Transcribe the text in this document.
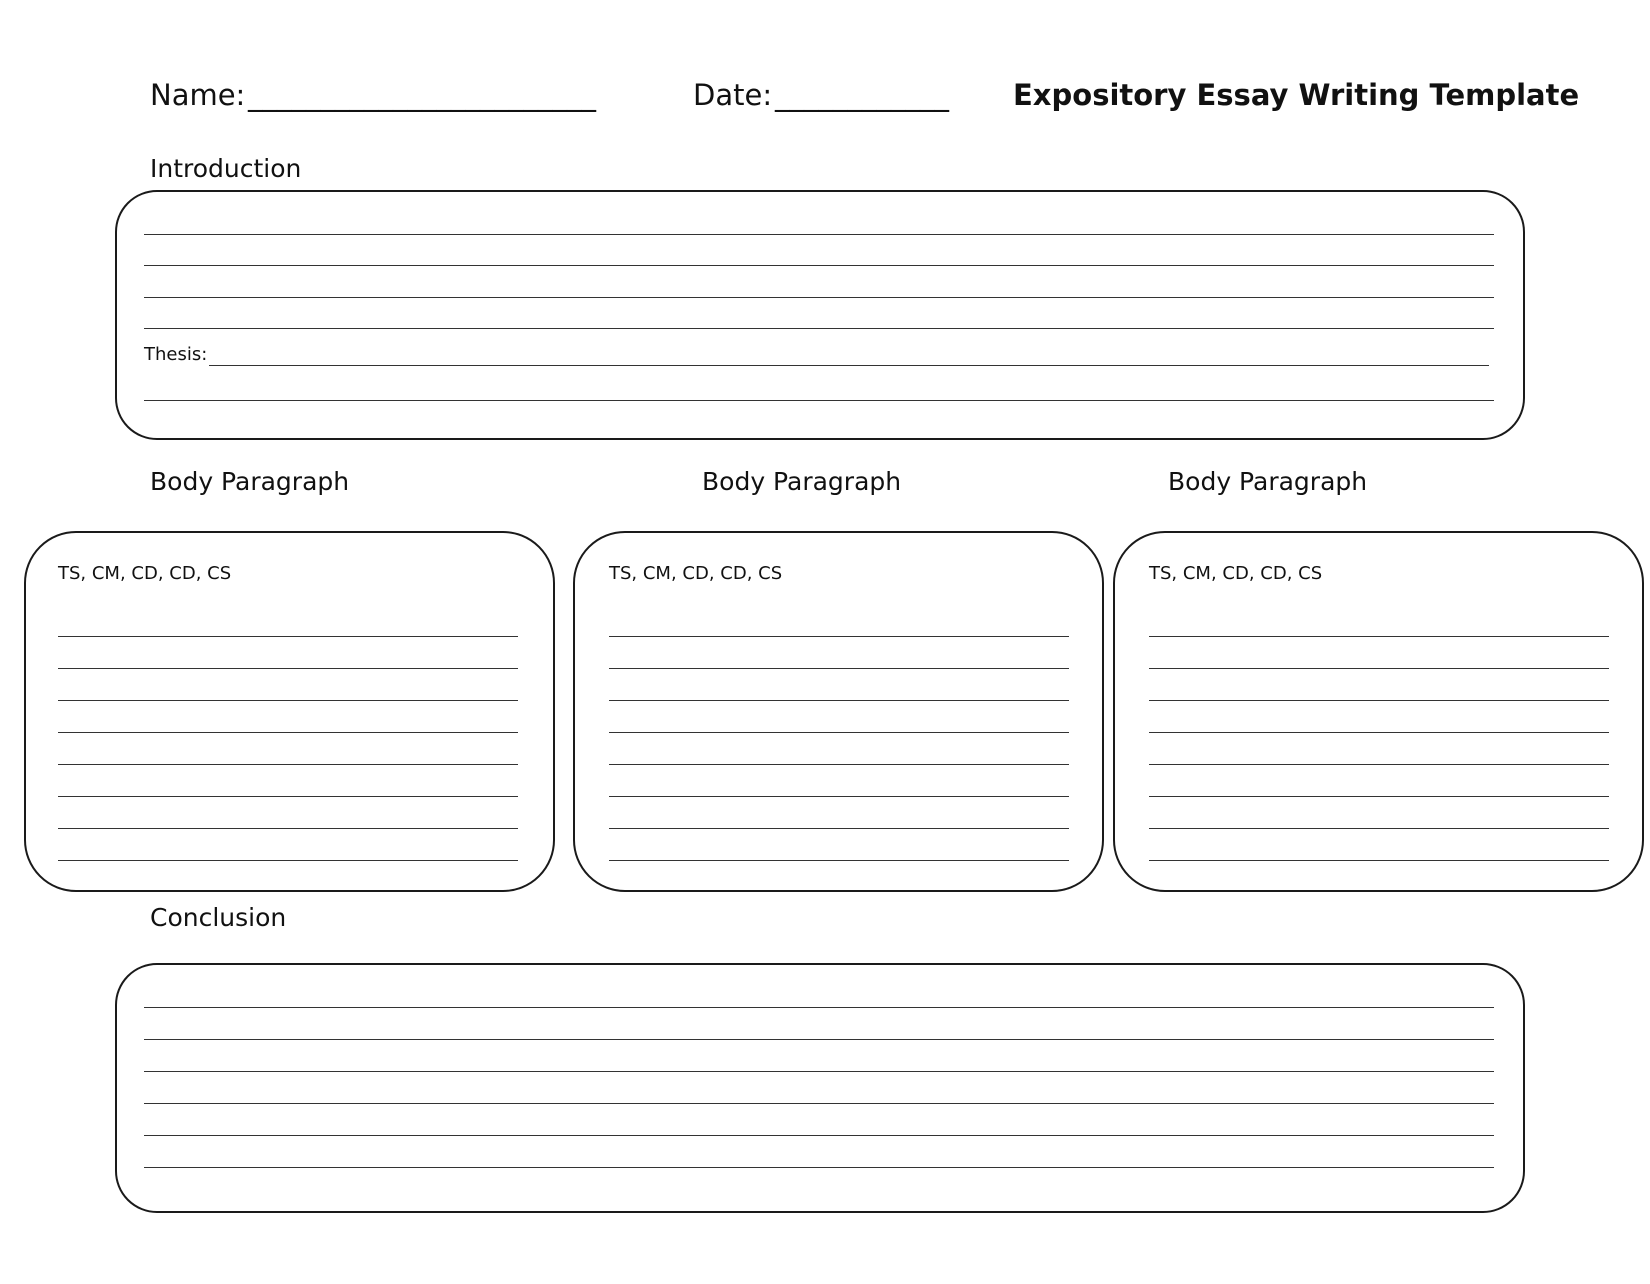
Name: ________________________	Date: ____________ Expository Essay Writing Template
Introduction
Thesis:
Body Paragraph	Body Paragraph	Body Paragraph
TS, CM, CD, CD, CS	TS, CM, CD, CD, CS	TS, CM, CD, CD, CS
Conclusion
